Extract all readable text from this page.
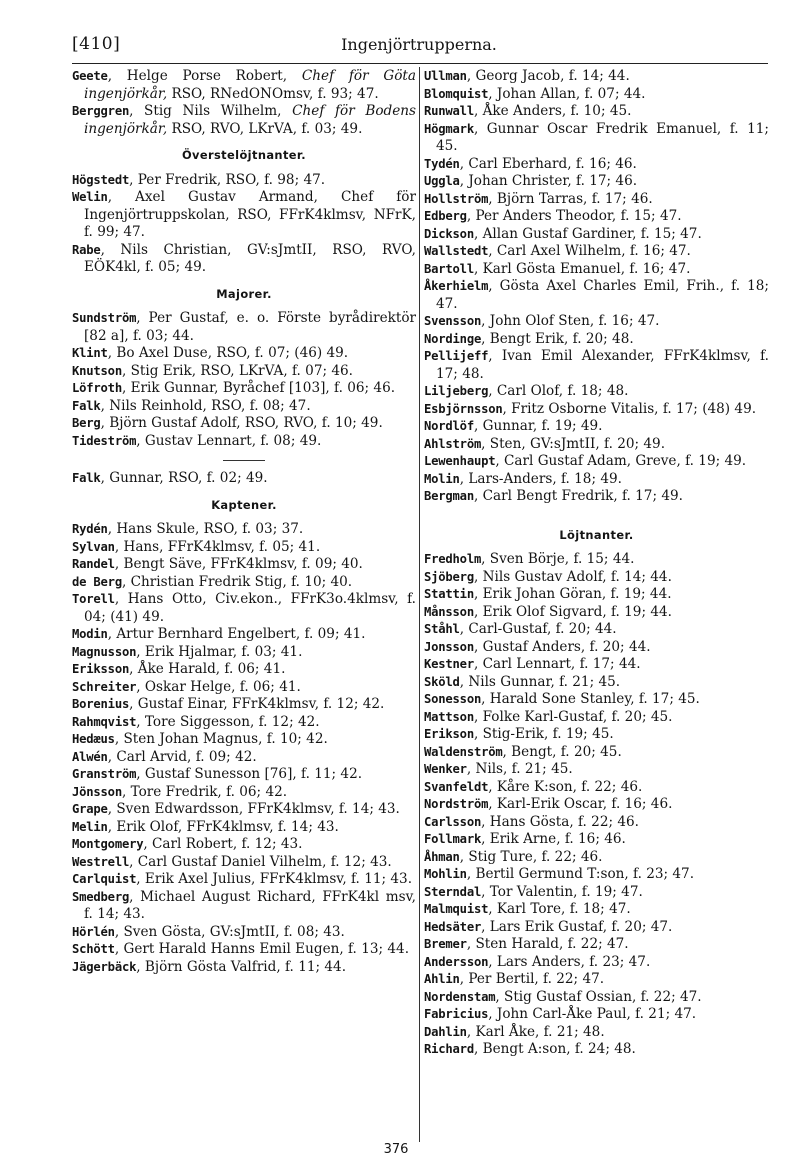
[410]	Ingenjörtrupperna.
Geete, Helge Porse Robert, Chef för Göta ingenjörkår, RSO, RNedONOmsv, f. 93; 47.
Berggren, Stig Nils Wilhelm, Chef för Bodens ingenjörkår, RSO, RVO, LKrVA, f. 03; 49.
Överstelöjtnanter.
Högstedt, Per Fredrik, RSO, f. 98; 47.
Welin, Axel Gustav Armand, Chef för Ingenjörtruppskolan, RSO, FFrK4klmsv, NFrK, f. 99; 47.
Rabe, Nils Christian, GV:sJmtII, RSO, RVO, EÖK4kl, f. 05; 49.
Majorer.
Sundström, Per Gustaf, e. o. Förste byrådirektör [82 a], f. 03; 44.
Klint, Bo Axel Duse, RSO, f. 07; (46) 49.
Knutson, Stig Erik, RSO, LKrVA, f. 07; 46.
Löfroth, Erik Gunnar, Byråchef [103], f. 06; 46.
Falk, Nils Reinhold, RSO, f. 08; 47.
Berg, Björn Gustaf Adolf, RSO, RVO, f. 10; 49.
Tideström, Gustav Lennart, f. 08; 49.
Falk, Gunnar, RSO, f. 02; 49.
Kaptener.
Rydén, Hans Skule, RSO, f. 03; 37.
Sylvan, Hans, FFrK4klmsv, f. 05; 41.
Randel, Bengt Säve, FFrK4klmsv, f. 09; 40.
de Berg, Christian Fredrik Stig, f. 10; 40.
Torell, Hans Otto, Civ.ekon., FFrK3o.4klmsv, f. 04; (41) 49.
Modin, Artur Bernhard Engelbert, f. 09; 41.
Magnusson, Erik Hjalmar, f. 03; 41.
Eriksson, Åke Harald, f. 06; 41.
Schreiter, Oskar Helge, f. 06; 41.
Borenius, Gustaf Einar, FFrK4klmsv, f. 12; 42.
Rahmqvist, Tore Siggesson, f. 12; 42.
Hedæus, Sten Johan Magnus, f. 10; 42.
Alwén, Carl Arvid, f. 09; 42.
Granström, Gustaf Sunesson [76], f. 11; 42.
Jönsson, Tore Fredrik, f. 06; 42.
Grape, Sven Edwardsson, FFrK4klmsv, f. 14; 43.
Melin, Erik Olof, FFrK4klmsv, f. 14; 43.
Montgomery, Carl Robert, f. 12; 43.
Westrell, Carl Gustaf Daniel Vilhelm, f. 12; 43.
Carlquist, Erik Axel Julius, FFrK4klmsv, f. 11; 43.
Smedberg, Michael August Richard, FFrK4kl msv, f. 14; 43.
Hörlén, Sven Gösta, GV:sJmtII, f. 08; 43.
Schött, Gert Harald Hanns Emil Eugen, f. 13; 44.
Jägerbäck, Björn Gösta Valfrid, f. 11; 44.
Ullman, Georg Jacob, f. 14; 44.
Blomquist, Johan Allan, f. 07; 44.
Runwall, Åke Anders, f. 10; 45.
Högmark, Gunnar Oscar Fredrik Emanuel, f. 11; 45.
Tydén, Carl Eberhard, f. 16; 46.
Uggla, Johan Christer, f. 17; 46.
Hollström, Björn Tarras, f. 17; 46.
Edberg, Per Anders Theodor, f. 15; 47.
Dickson, Allan Gustaf Gardiner, f. 15; 47.
Wallstedt, Carl Axel Wilhelm, f. 16; 47.
Bartoll, Karl Gösta Emanuel, f. 16; 47.
Åkerhielm, Gösta Axel Charles Emil, Frih., f. 18; 47.
Svensson, John Olof Sten, f. 16; 47.
Nordinge, Bengt Erik, f. 20; 48.
Pellijeff, Ivan Emil Alexander, FFrK4klmsv, f. 17; 48.
Liljeberg, Carl Olof, f. 18; 48.
Esbjörnsson, Fritz Osborne Vitalis, f. 17; (48) 49.
Nordlöf, Gunnar, f. 19; 49.
Ahlström, Sten, GV:sJmtII, f. 20; 49.
Lewenhaupt, Carl Gustaf Adam, Greve, f. 19; 49.
Molin, Lars-Anders, f. 18; 49.
Bergman, Carl Bengt Fredrik, f. 17; 49.
Löjtnanter.
Fredholm, Sven Börje, f. 15; 44.
Sjöberg, Nils Gustav Adolf, f. 14; 44.
Stattin, Erik Johan Göran, f. 19; 44.
Månsson, Erik Olof Sigvard, f. 19; 44.
Ståhl, Carl-Gustaf, f. 20; 44.
Jonsson, Gustaf Anders, f. 20; 44.
Kestner, Carl Lennart, f. 17; 44.
Sköld, Nils Gunnar, f. 21; 45.
Sonesson, Harald Sone Stanley, f. 17; 45.
Mattson, Folke Karl-Gustaf, f. 20; 45.
Erikson, Stig-Erik, f. 19; 45.
Waldenström, Bengt, f. 20; 45.
Wenker, Nils, f. 21; 45.
Svanfeldt, Kåre K:son, f. 22; 46.
Nordström, Karl-Erik Oscar, f. 16; 46.
Carlsson, Hans Gösta, f. 22; 46.
Follmark, Erik Arne, f. 16; 46.
Åhman, Stig Ture, f. 22; 46.
Mohlin, Bertil Germund T:son, f. 23; 47.
Sterndal, Tor Valentin, f. 19; 47.
Malmquist, Karl Tore, f. 18; 47.
Hedsäter, Lars Erik Gustaf, f. 20; 47.
Bremer, Sten Harald, f. 22; 47.
Andersson, Lars Anders, f. 23; 47.
Ahlin, Per Bertil, f. 22; 47.
Nordenstam, Stig Gustaf Ossian, f. 22; 47.
Fabricius, John Carl-Åke Paul, f. 21; 47.
Dahlin, Karl Åke, f. 21; 48.
Richard, Bengt A:son, f. 24; 48.
376
